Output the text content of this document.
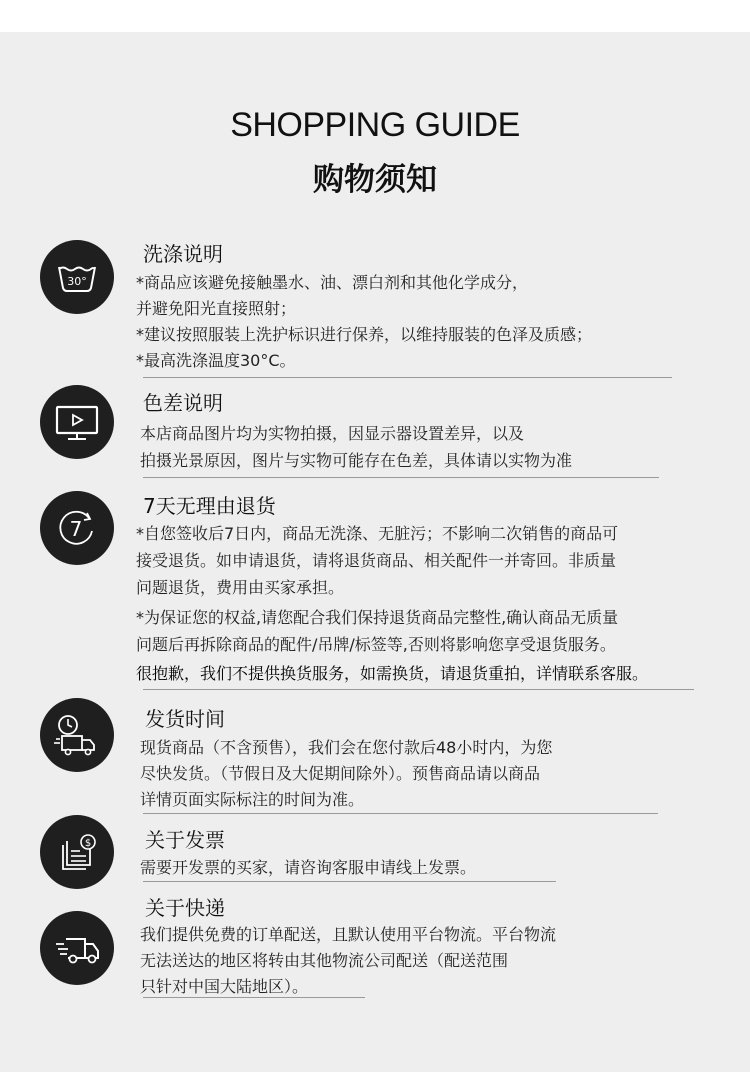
SHOPPING GUIDE
购物须知
30°
洗涤说明
*商品应该避免接触墨水、油、漂白剂和其他化学成分，
并避免阳光直接照射；
*建议按照服装上洗护标识进行保养，以维持服装的色泽及质感；
*最高洗涤温度30°C。
色差说明
本店商品图片均为实物拍摄，因显示器设置差异，以及
拍摄光景原因，图片与实物可能存在色差，具体请以实物为准
7
7天无理由退货
*自您签收后7日内，商品无洗涤、无脏污；不影响二次销售的商品可
接受退货。如申请退货，请将退货商品、相关配件一并寄回。非质量
问题退货，费用由买家承担。
*为保证您的权益,请您配合我们保持退货商品完整性,确认商品无质量
问题后再拆除商品的配件/吊牌/标签等,否则将影响您享受退货服务。
很抱歉，我们不提供换货服务，如需换货，请退货重拍，详情联系客服。
发货时间
现货商品（不含预售），我们会在您付款后48小时内，为您
尽快发货。（节假日及大促期间除外）。预售商品请以商品
详情页面实际标注的时间为准。
$	关于发票
需要开发票的买家，请咨询客服申请线上发票。
关于快递
我们提供免费的订单配送，且默认使用平台物流。平台物流
无法送达的地区将转由其他物流公司配送（配送范围
只针对中国大陆地区）。
